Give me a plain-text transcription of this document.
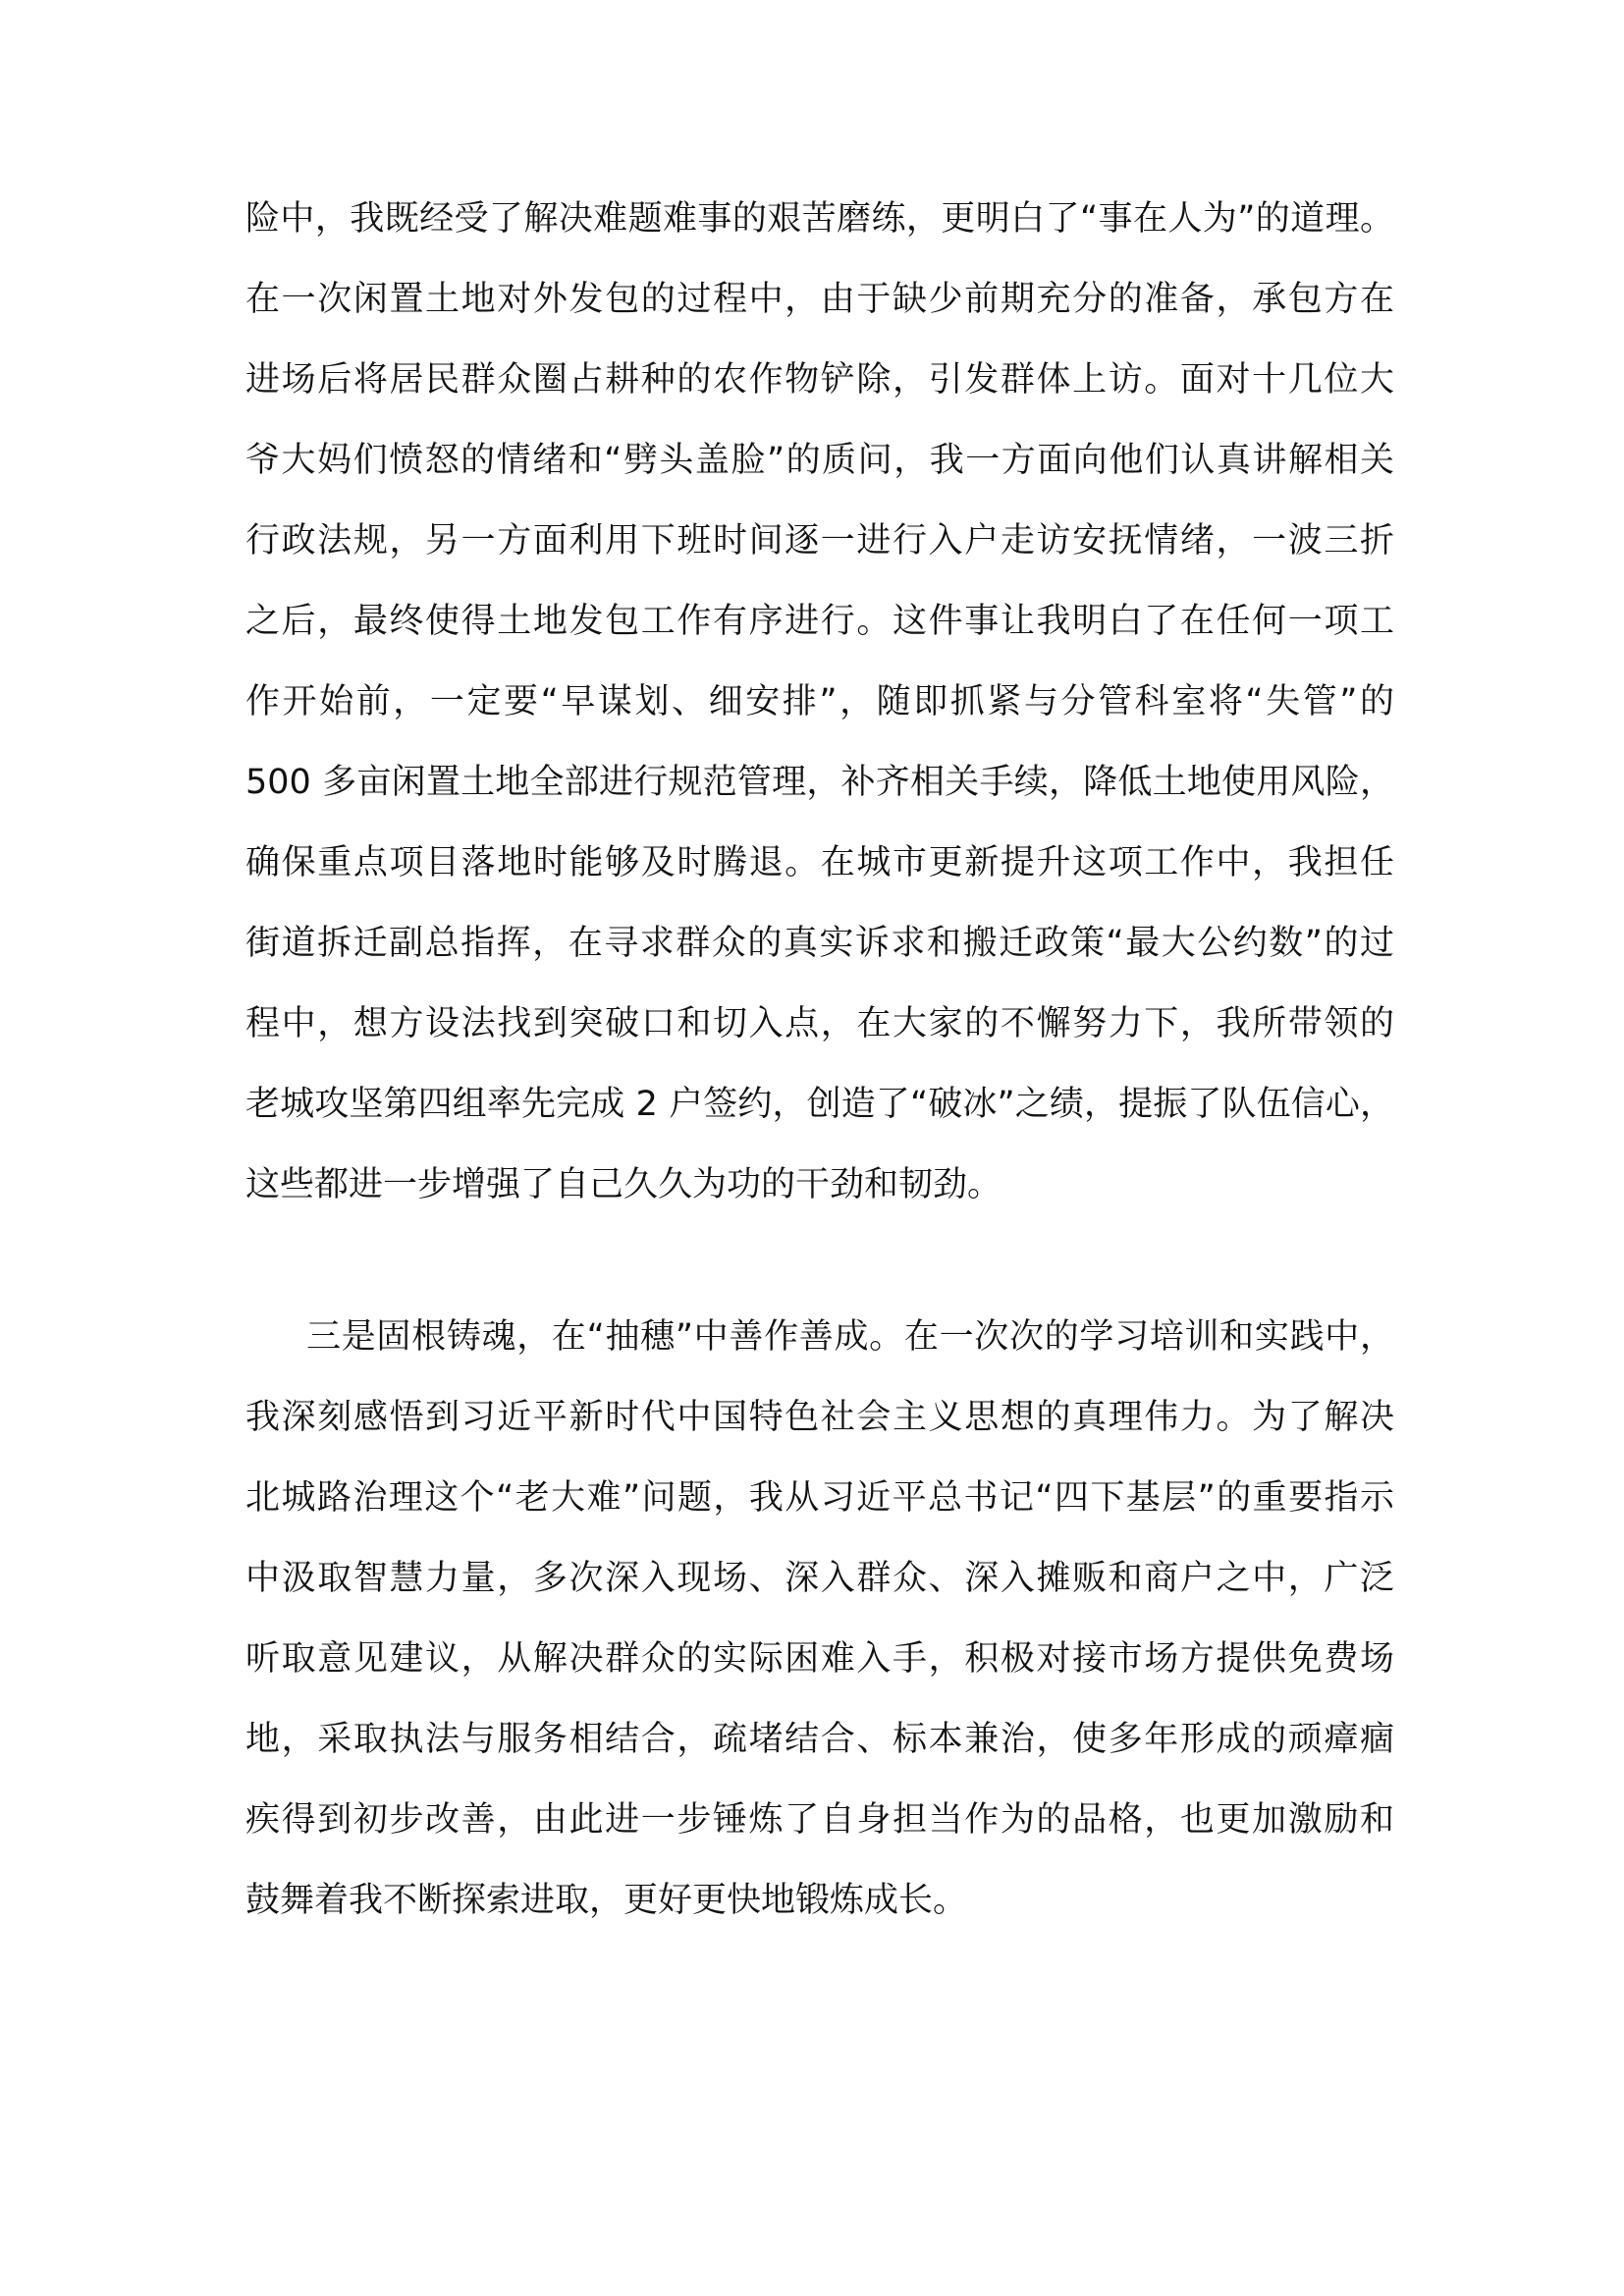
险中，我既经受了解决难题难事的艰苦磨练，更明白了“事在人为”的道理。
在一次闲置土地对外发包的过程中，由于缺少前期充分的准备，承包方在
进场后将居民群众圈占耕种的农作物铲除，引发群体上访。面对十几位大
爷大妈们愤怒的情绪和“劈头盖脸”的质问，我一方面向他们认真讲解相关
行政法规，另一方面利用下班时间逐一进行入户走访安抚情绪，一波三折
之后，最终使得土地发包工作有序进行。这件事让我明白了在任何一项工
作开始前，一定要“早谋划、细安排”，随即抓紧与分管科室将“失管”的
500 多亩闲置土地全部进行规范管理，补齐相关手续，降低土地使用风险，
确保重点项目落地时能够及时腾退。在城市更新提升这项工作中，我担任
街道拆迁副总指挥，在寻求群众的真实诉求和搬迁政策“最大公约数”的过
程中，想方设法找到突破口和切入点，在大家的不懈努力下，我所带领的
老城攻坚第四组率先完成 2 户签约，创造了“破冰”之绩，提振了队伍信心，
这些都进一步增强了自己久久为功的干劲和韧劲。
三是固根铸魂，在“抽穗”中善作善成。在一次次的学习培训和实践中，
我深刻感悟到习近平新时代中国特色社会主义思想的真理伟力。为了解决
北城路治理这个“老大难”问题，我从习近平总书记“四下基层”的重要指示
中汲取智慧力量，多次深入现场、深入群众、深入摊贩和商户之中，广泛
听取意见建议，从解决群众的实际困难入手，积极对接市场方提供免费场
地，采取执法与服务相结合，疏堵结合、标本兼治，使多年形成的顽瘴痼
疾得到初步改善，由此进一步锤炼了自身担当作为的品格，也更加激励和
鼓舞着我不断探索进取，更好更快地锻炼成长。
